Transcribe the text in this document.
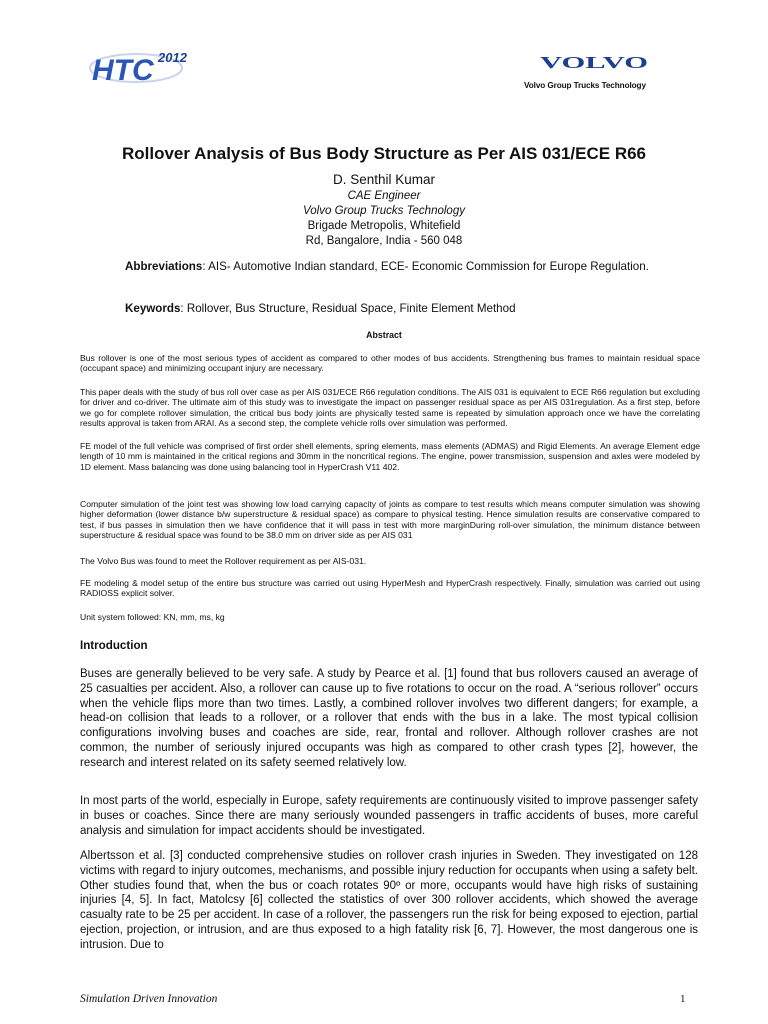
HTC 2012	VOLVO
Volvo Group Trucks Technology
Rollover Analysis of Bus Body Structure as Per AIS 031/ECE R66
D. Senthil Kumar
CAE Engineer
Volvo Group Trucks Technology
Brigade Metropolis, Whitefield
Rd, Bangalore, India - 560 048
Abbreviations: AIS- Automotive Indian standard, ECE- Economic Commission for Europe Regulation.
Keywords: Rollover, Bus Structure, Residual Space, Finite Element Method
Abstract
Bus rollover is one of the most serious types of accident as compared to other modes of bus accidents. Strengthening bus frames to maintain residual space (occupant space) and minimizing occupant injury are necessary.
This paper deals with the study of bus roll over case as per AIS 031/ECE R66 regulation conditions. The AIS 031 is equivalent to ECE R66 regulation but excluding for driver and co-driver. The ultimate aim of this study was to investigate the impact on passenger residual space as per AIS 031regulation. As a first step, before we go for complete rollover simulation, the critical bus body joints are physically tested same is repeated by simulation approach once we have the correlating results approval is taken from ARAI. As a second step, the complete vehicle rolls over simulation was performed.
FE model of the full vehicle was comprised of first order shell elements, spring elements, mass elements (ADMAS) and Rigid Elements. An average Element edge length of 10 mm is maintained in the critical regions and 30mm in the noncritical regions. The engine, power transmission, suspension and axles were modeled by 1D element. Mass balancing was done using balancing tool in HyperCrash V11 402.
Computer simulation of the joint test was showing low load carrying capacity of joints as compare to test results which means computer simulation was showing higher deformation (lower distance b/w superstructure & residual space) as compare to physical testing. Hence simulation results are conservative compared to test, if bus passes in simulation then we have confidence that it will pass in test with more marginDuring roll-over simulation, the minimum distance between superstructure & residual space was found to be 38.0 mm on driver side as per AIS 031
The Volvo Bus was found to meet the Rollover requirement as per AIS-031.
FE modeling & model setup of the entire bus structure was carried out using HyperMesh and HyperCrash respectively. Finally, simulation was carried out using RADIOSS explicit solver.
Unit system followed: KN, mm, ms, kg
Introduction
Buses are generally believed to be very safe. A study by Pearce et al. [1] found that bus rollovers caused an average of 25 casualties per accident. Also, a rollover can cause up to five rotations to occur on the road. A “serious rollover” occurs when the vehicle flips more than two times. Lastly, a combined rollover involves two different dangers; for example, a head-on collision that leads to a rollover, or a rollover that ends with the bus in a lake. The most typical collision configurations involving buses and coaches are side, rear, frontal and rollover. Although rollover crashes are not common, the number of seriously injured occupants was high as compared to other crash types [2], however, the research and interest related on its safety seemed relatively low.
In most parts of the world, especially in Europe, safety requirements are continuously visited to improve passenger safety in buses or coaches. Since there are many seriously wounded passengers in traffic accidents of buses, more careful analysis and simulation for impact accidents should be investigated.
Albertsson et al. [3] conducted comprehensive studies on rollover crash injuries in Sweden. They investigated on 128 victims with regard to injury outcomes, mechanisms, and possible injury reduction for occupants when using a safety belt. Other studies found that, when the bus or coach rotates 90º or more, occupants would have high risks of sustaining injuries [4, 5]. In fact, Matolcsy [6] collected the statistics of over 300 rollover accidents, which showed the average casualty rate to be 25 per accident. In case of a rollover, the passengers run the risk for being exposed to ejection, partial ejection, projection, or intrusion, and are thus exposed to a high fatality risk [6, 7]. However, the most dangerous one is intrusion. Due to
Simulation Driven Innovation	1
